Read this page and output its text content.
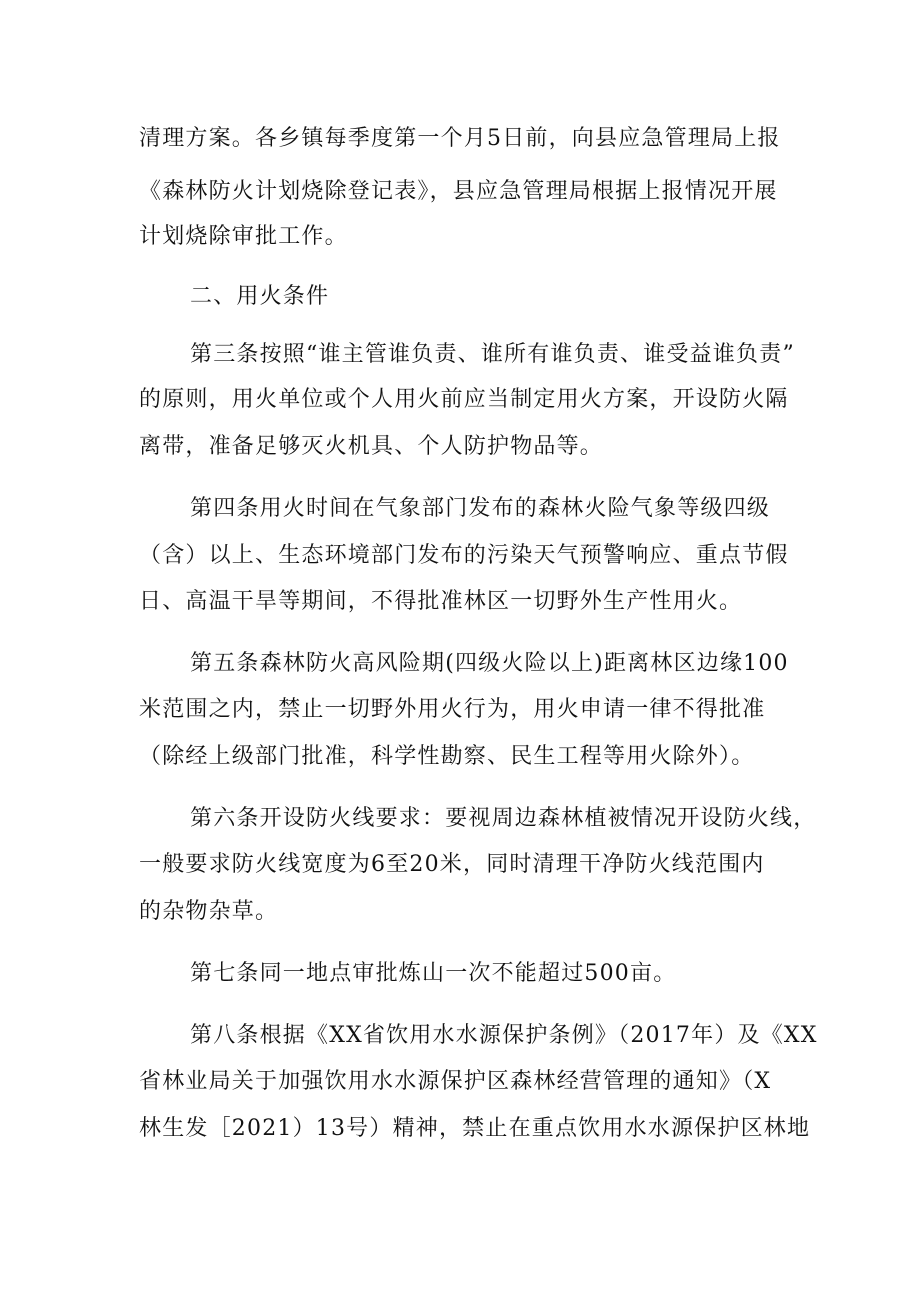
清理方案。各乡镇每季度第一个月5日前，向县应急管理局上报
《森林防火计划烧除登记表》，县应急管理局根据上报情况开展
计划烧除审批工作。
二、用火条件
第三条按照“谁主管谁负责、谁所有谁负责、谁受益谁负责”
的原则，用火单位或个人用火前应当制定用火方案，开设防火隔
离带，准备足够灭火机具、个人防护物品等。
第四条用火时间在气象部门发布的森林火险气象等级四级
（含）以上、生态环境部门发布的污染天气预警响应、重点节假
日、高温干旱等期间，不得批准林区一切野外生产性用火。
第五条森林防火高风险期(四级火险以上)距离林区边缘100
米范围之内，禁止一切野外用火行为，用火申请一律不得批准
（除经上级部门批准，科学性勘察、民生工程等用火除外）。
第六条开设防火线要求：要视周边森林植被情况开设防火线，
一般要求防火线宽度为6至20米，同时清理干净防火线范围内
的杂物杂草。
第七条同一地点审批炼山一次不能超过500亩。
第八条根据《XX省饮用水水源保护条例》（2017年）及《XX
省林业局关于加强饮用水水源保护区森林经营管理的通知》（X
林生发［2021）13号）精神，禁止在重点饮用水水源保护区林地
